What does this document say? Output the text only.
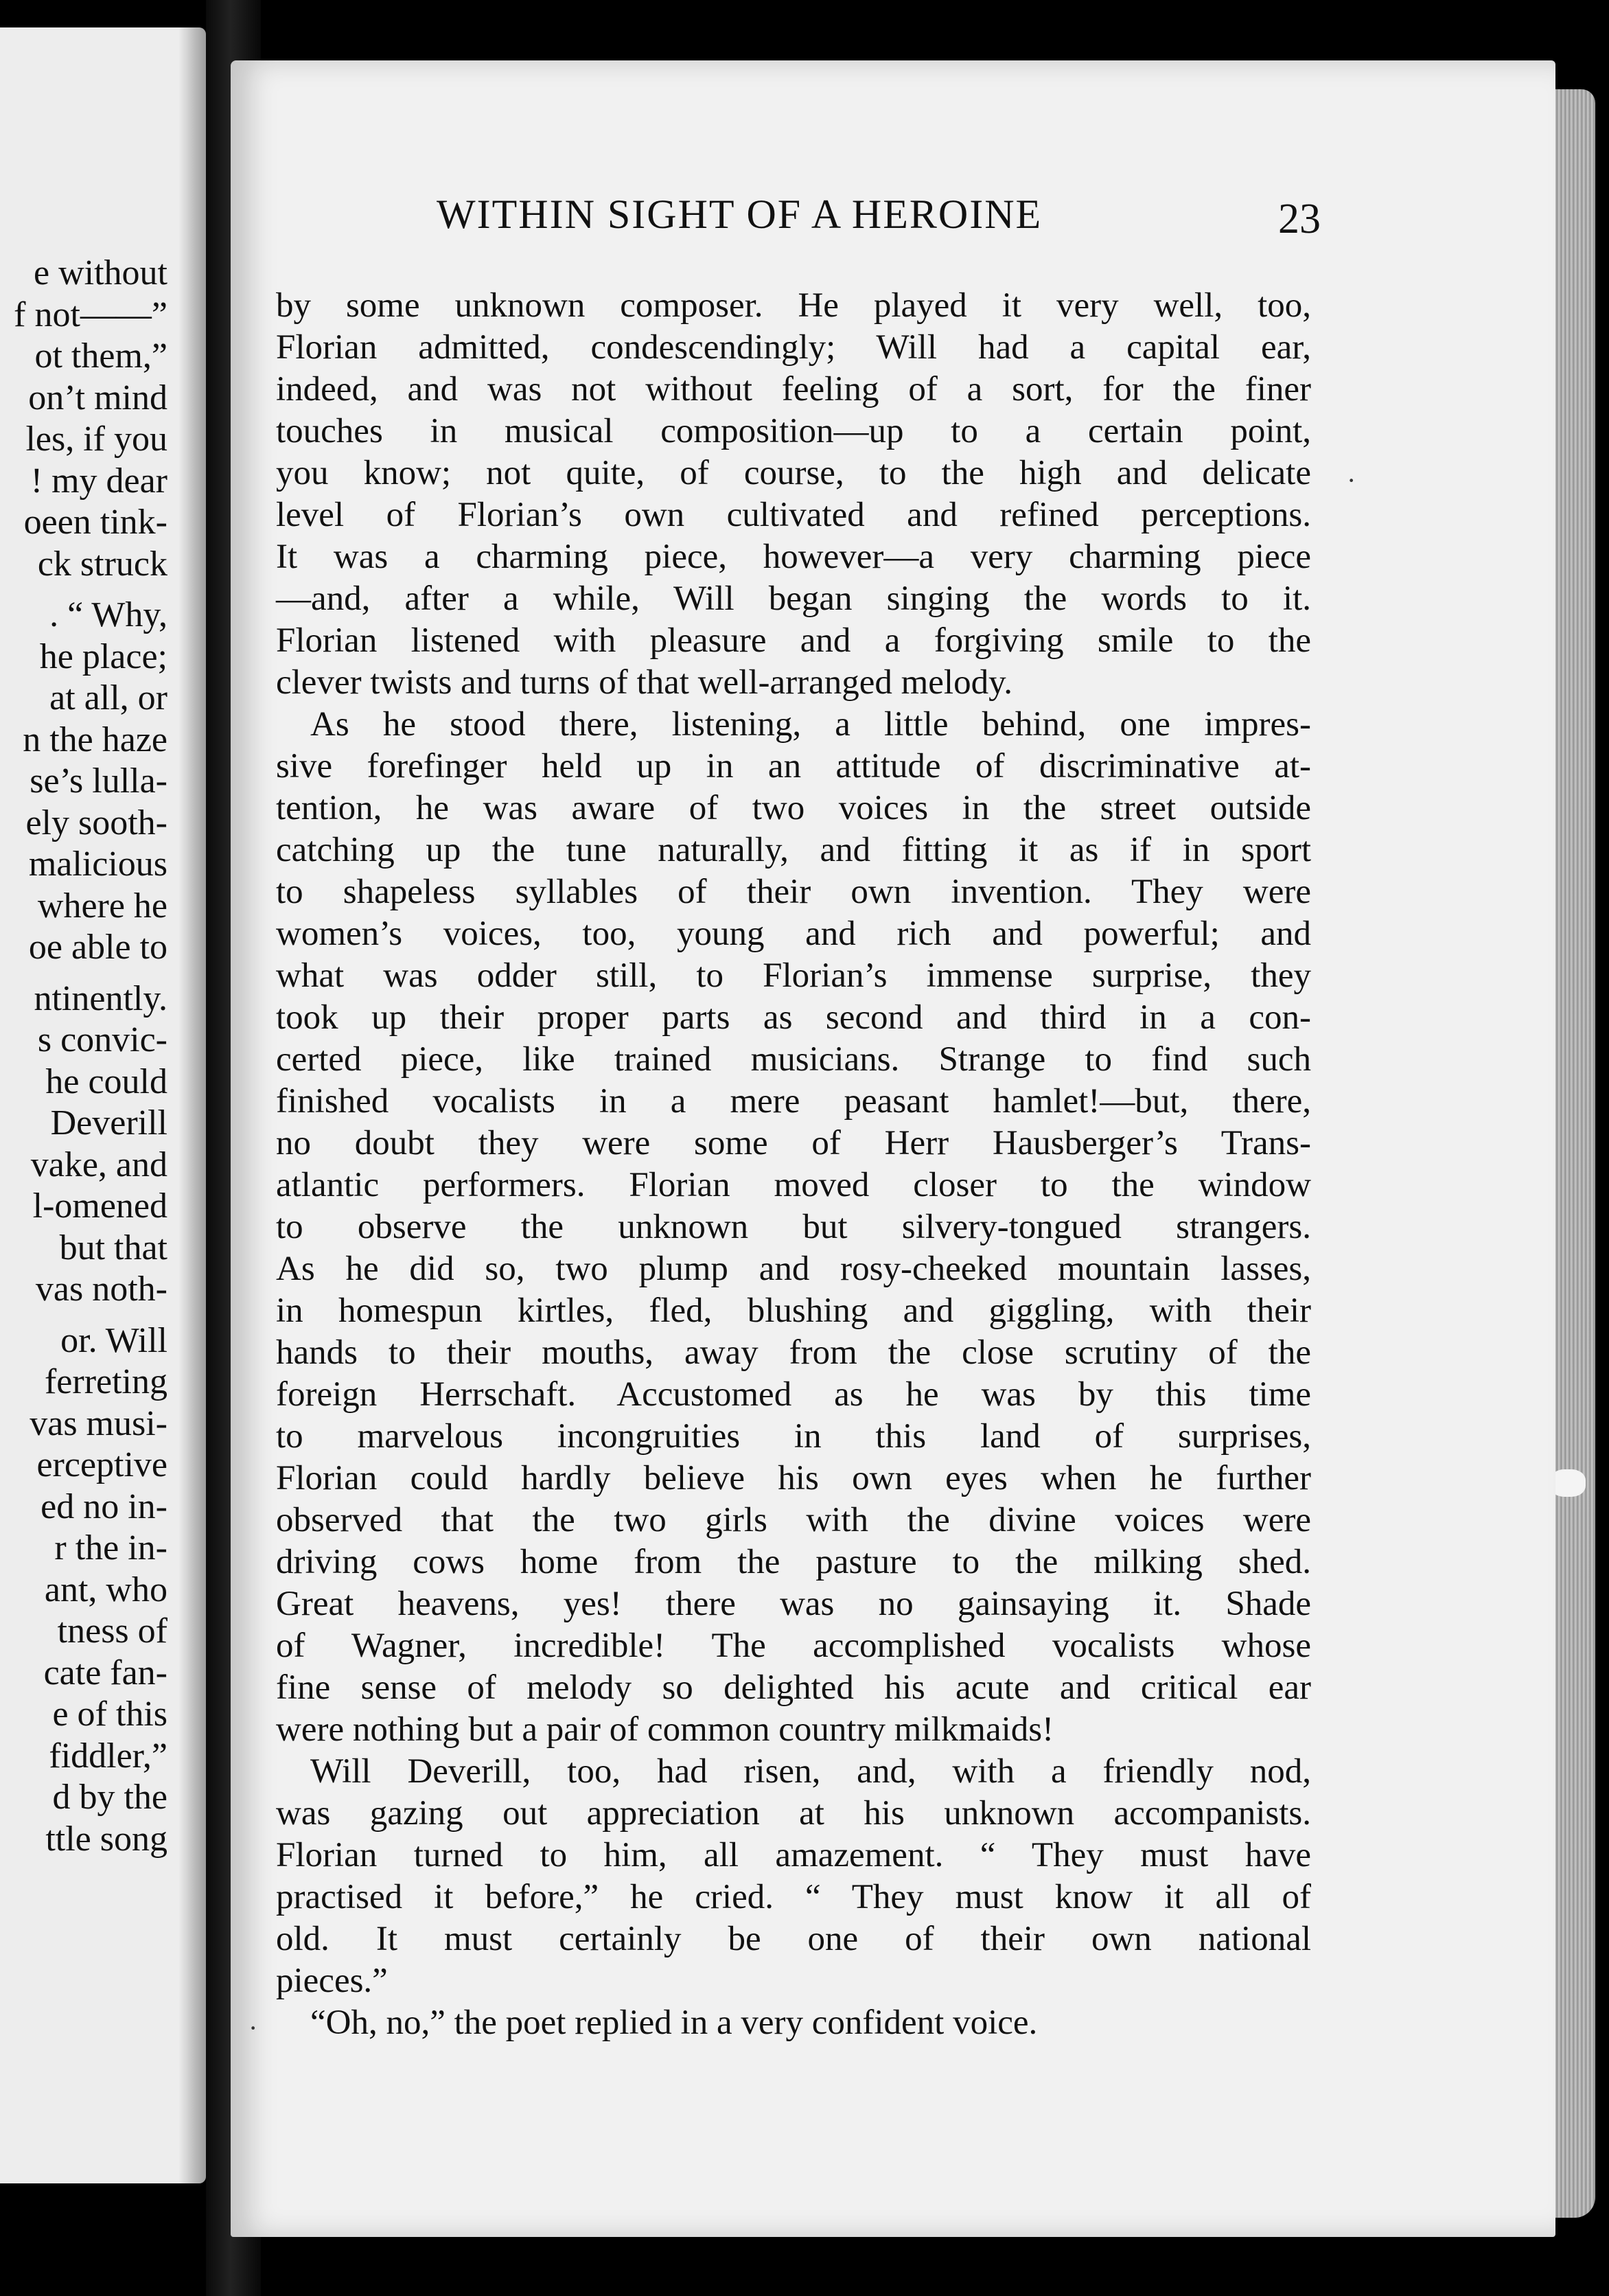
e without
f not——”
ot them,”
on’t mind
les, if you
! my dear
oeen tink-
ck struck
. “ Why,
he place;
at all, or
n the haze
se’s lulla-
ely sooth-
malicious
where he
oe able to
ntinently.
s convic-
he could
Deverill
vake, and
l-omened
but that
vas noth-
or. Will
ferreting
vas musi-
erceptive
ed no in-
r the in-
ant, who
tness of
cate fan-
e of this
fiddler,”
d by the
ttle song
by some unknown composer. He played it very well, too,
Florian admitted, condescendingly; Will had a capital ear,
indeed, and was not without feeling of a sort, for the finer
touches in musical composition—up to a certain point,
you know; not quite, of course, to the high and delicate
level of Florian’s own cultivated and refined perceptions.
It was a charming piece, however—a very charming piece
—and, after a while, Will began singing the words to it.
Florian listened with pleasure and a forgiving smile to the
clever twists and turns of that well-arranged melody.
As he stood there, listening, a little behind, one impres-
sive forefinger held up in an attitude of discriminative at-
tention, he was aware of two voices in the street outside
catching up the tune naturally, and fitting it as if in sport
to shapeless syllables of their own invention. They were
women’s voices, too, young and rich and powerful; and
what was odder still, to Florian’s immense surprise, they
took up their proper parts as second and third in a con-
certed piece, like trained musicians. Strange to find such
finished vocalists in a mere peasant hamlet!—but, there,
no doubt they were some of Herr Hausberger’s Trans-
atlantic performers. Florian moved closer to the window
to observe the unknown but silvery-tongued strangers.
As he did so, two plump and rosy-cheeked mountain lasses,
in homespun kirtles, fled, blushing and giggling, with their
hands to their mouths, away from the close scrutiny of the
foreign Herrschaft. Accustomed as he was by this time
to marvelous incongruities in this land of surprises,
Florian could hardly believe his own eyes when he further
observed that the two girls with the divine voices were
driving cows home from the pasture to the milking shed.
Great heavens, yes! there was no gainsaying it. Shade
of Wagner, incredible! The accomplished vocalists whose
fine sense of melody so delighted his acute and critical ear
were nothing but a pair of common country milkmaids!
Will Deverill, too, had risen, and, with a friendly nod,
was gazing out appreciation at his unknown accompanists.
Florian turned to him, all amazement. “ They must have
practised it before,” he cried. “ They must know it all of
old. It must certainly be one of their own national
pieces.”
“Oh, no,” the poet replied in a very confident voice.
WITHIN SIGHT OF A HEROINE	23
·
·
